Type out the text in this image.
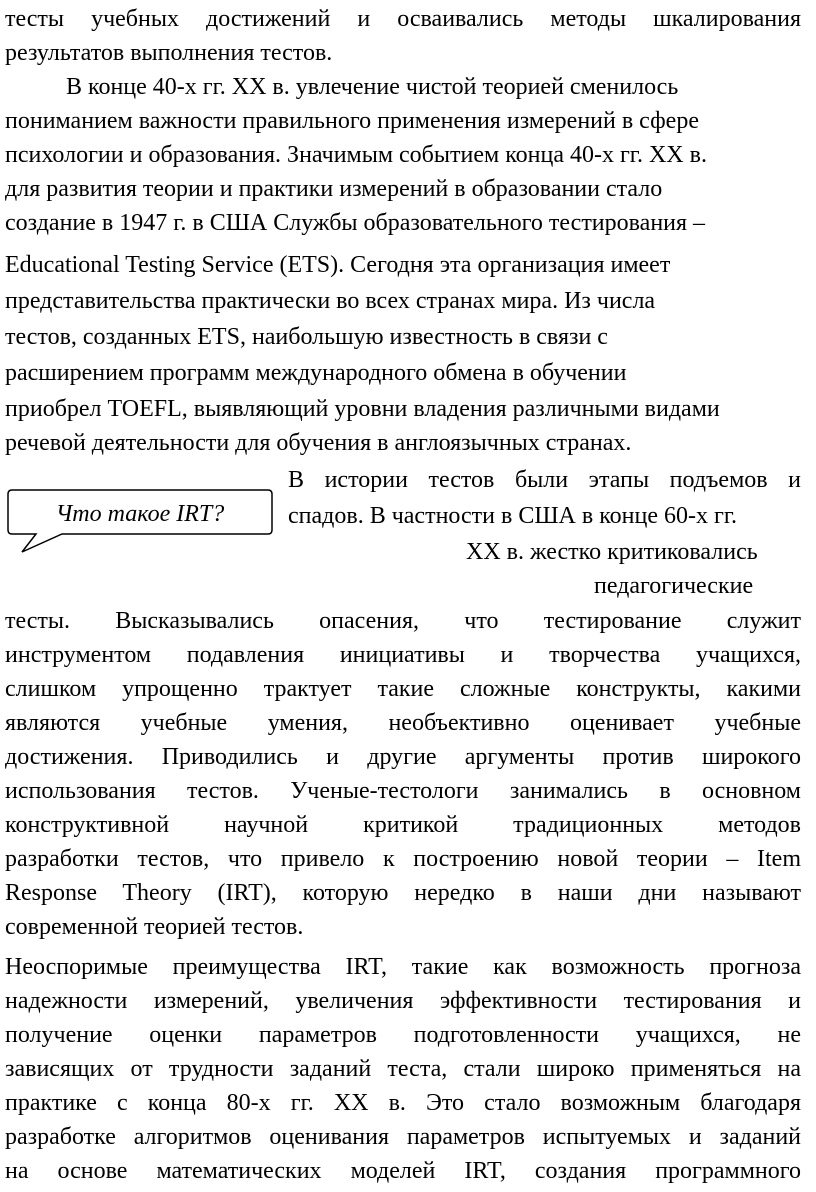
тесты учебных достижений и осваивались методы шкалирования
результатов выполнения тестов.
В конце 40-х гг. XX в. увлечение чистой теорией сменилось
пониманием важности правильного применения измерений в сфере
психологии и образования. Значимым событием конца 40-х гг. XX в.
для развития теории и практики измерений в образовании стало
создание в 1947 г. в США Службы образовательного тестирования –
Educational Testing Service (ETS). Сегодня эта организация имеет
представительства практически во всех странах мира. Из числа
тестов, созданных ETS, наибольшую известность в связи с
расширением программ международного обмена в обучении
приобрел TOEFL, выявляющий уровни владения различными видами
речевой деятельности для обучения в англоязычных странах.
Что такое IRT?
В истории тестов были этапы подъемов и
спадов. В частности в США в конце 60-х гг.
XX в. жестко критиковались
педагогические
тесты. Высказывались опасения, что тестирование служит
инструментом подавления инициативы и творчества учащихся,
слишком упрощенно трактует такие сложные конструкты, какими
являются учебные умения, необъективно оценивает учебные
достижения. Приводились и другие аргументы против широкого
использования тестов. Ученые-тестологи занимались в основном
конструктивной научной критикой традиционных методов
разработки тестов, что привело к построению новой теории – Item
Response Theory (IRT), которую нередко в наши дни называют
современной теорией тестов.
Неоспоримые преимущества IRT, такие как возможность прогноза
надежности измерений, увеличения эффективности тестирования и
получение оценки параметров подготовленности учащихся, не
зависящих от трудности заданий теста, стали широко применяться на
практике с конца 80-х гг. XX в. Это стало возможным благодаря
разработке алгоритмов оценивания параметров испытуемых и заданий
на основе математических моделей IRT, создания программного
